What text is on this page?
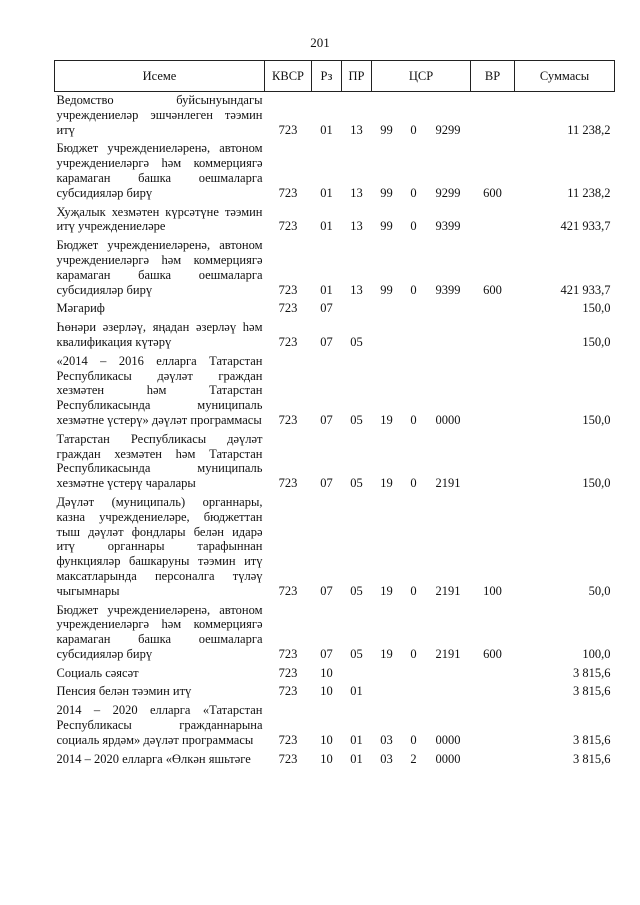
201
Исеме	КВСР	Рз	ПР	ЦСР			ВР	Суммасы
Ведомство буйсынуындагы учреждениеләр эшчәнлеген тәэмин итү	723	01	13	99	0	9299		11 238,2
Бюджет учреждениеләренә, автоном учреждениеләргә һәм коммерциягә карамаган башка оешмаларга субсидияләр бирү	723	01	13	99	0	9299	600	11 238,2
Хуҗалык хезмәтен күрсәтүне тәэмин итү учреждениеләре	723	01	13	99	0	9399		421 933,7
Бюджет учреждениеләренә, автоном учреждениеләргә һәм коммерциягә карамаган башка оешмаларга субсидияләр бирү	723	01	13	99	0	9399	600	421 933,7
Мәгариф	723	07						150,0
Һөнәри әзерләү, яңадан әзерләү һәм квалификация күтәрү	723	07	05					150,0
«2014 – 2016 елларга Татарстан Республикасы дәүләт граждан хезмәтен һәм Татарстан Республикасында муниципаль хезмәтне үстерү» дәүләт программасы	723	07	05	19	0	0000		150,0
Татарстан Республикасы дәүләт граждан хезмәтен һәм Татарстан Республикасында муниципаль хезмәтне үстерү чаралары	723	07	05	19	0	2191		150,0
Дәүләт (муниципаль) органнары, казна учреждениеләре, бюджеттан тыш дәүләт фондлары белән идарә итү органнары тарафыннан функцияләр башкаруны тәэмин итү максатларында персоналга түләү чыгымнары	723	07	05	19	0	2191	100	50,0
Бюджет учреждениеләренә, автоном учреждениеләргә һәм коммерциягә карамаган башка оешмаларга субсидияләр бирү	723	07	05	19	0	2191	600	100,0
Социаль сәясәт	723	10						3 815,6
Пенсия белән тәэмин итү	723	10	01					3 815,6
2014 – 2020 елларга «Татарстан Республикасы гражданнарына социаль ярдәм» дәүләт программасы	723	10	01	03	0	0000		3 815,6
2014 – 2020 елларга «Өлкән яшьтәге	723	10	01	03	2	0000		3 815,6
